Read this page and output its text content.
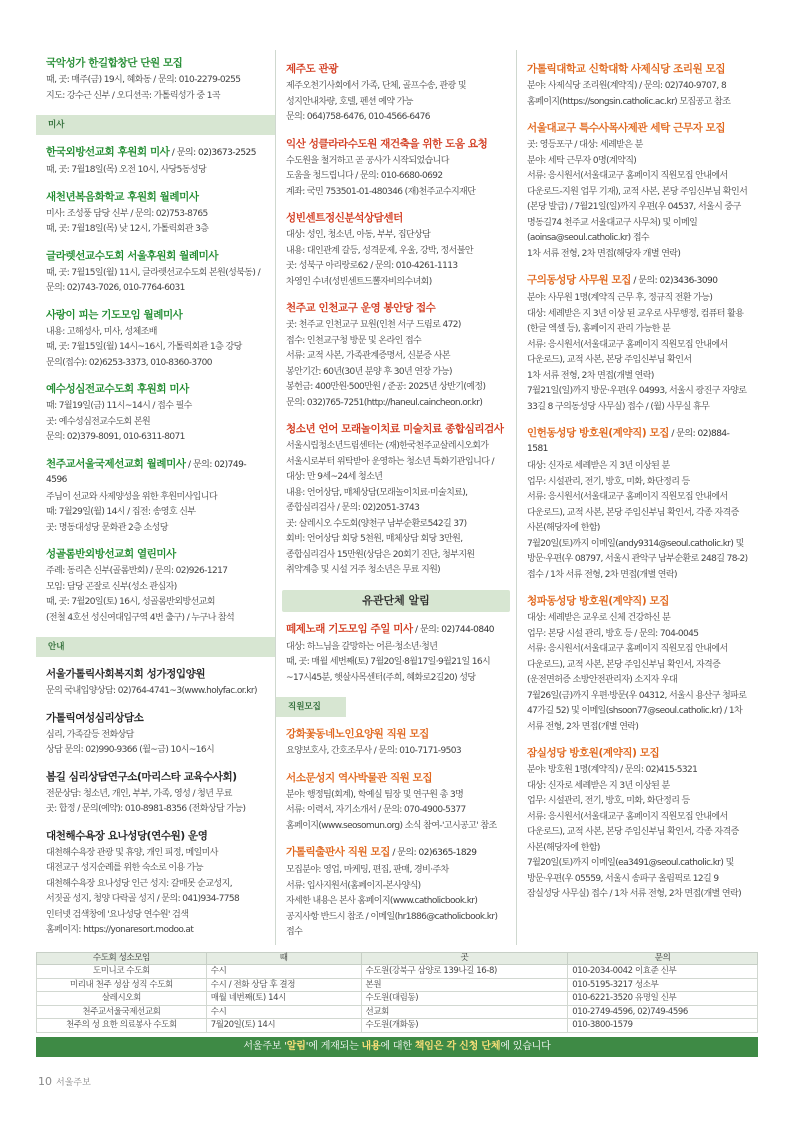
국악성가 한길합창단 단원 모집
때, 곳: 매주(금) 19시, 혜화동 / 문의: 010-2279-0255
지도: 강수근 신부 / 오디션곡: 가톨릭성가 중 1곡
미사
한국외방선교회 후원회 미사 / 문의: 02)3673-2525
때, 곳: 7월18일(목) 오전 10시, 사당5동성당
새천년복음화학교 후원회 월례미사
미사: 조성풍 담당 신부 / 문의: 02)753-8765
때, 곳: 7월18일(목) 낮 12시, 가톨릭회관 3층
글라렛선교수도회 서울후원회 월례미사
때, 곳: 7월15일(월) 11시, 글라렛선교수도회 본원(성북동) / 문의: 02)743-7026, 010-7764-6031
사랑이 피는 기도모임 월례미사
내용: 고해성사, 미사, 성체조배
때, 곳: 7월15일(월) 14시~16시, 가톨릭회관 1층 강당
문의(접수): 02)6253-3373, 010-8360-3700
예수성심전교수도회 후원회 미사
때: 7월19일(금) 11시~14시 / 접수 필수
곳: 예수성심전교수도회 본원
문의: 02)379-8091, 010-6311-8071
천주교서울국제선교회 월례미사 / 문의: 02)749-4596
주님이 선교와 사제양성을 위한 후원미사입니다
때: 7월29일(월) 14시 / 집전: 송영호 신부
곳: 명동대성당 문화관 2층 소성당
성골롬반외방선교회 열린미사
주례: 동리츤 신부(골롬반회) / 문의: 02)926-1217
모임: 담당 곤잘로 신부(성소 관심자)
때, 곳: 7월20일(토) 16시, 성골롬반외방선교회
(전철 4호선 성신여대입구역 4번 출구) / 누구나 참석
안내
서울가톨릭사회복지회 성가정입양원
문의 국내입양상담: 02)764-4741~3(www.holyfac.or.kr)
가톨릭여성심리상담소
심리, 가족갈등 전화상담
상담 문의: 02)990-9366 (월~금) 10시~16시
봄길 심리상담연구소(마리스타 교육수사회)
전문상담: 청소년, 개인, 부부, 가족, 영성 / 청년 무료
곳: 합정 / 문의(예약): 010-8981-8356 (전화상담 가능)
대천해수욕장 요나성당(연수원) 운영
대천해수욕장 관광 및 휴양, 개인 피정, 메일미사
대전교구 성지순례를 위한 숙소로 이용 가능
대천해수욕장 요나성당 인근 성지: 갈매못 순교성지,
서짓골 성지, 청양 다락골 성지 / 문의: 041)934-7758
인터넷 검색창에 '요나성당 연수원' 검색
홈페이지: https://yonaresort.modoo.at
제주도 관광
제주오천기사회에서 가족, 단체, 골프수송, 관광 및 성지안내차량, 호텔, 펜션 예약 가능
문의: 064)758-6476, 010-4566-6476
익산 성클라라수도원 재건축을 위한 도움 요청
수도원을 철거하고 곧 공사가 시작되었습니다
도움을 청드립니다 / 문의: 010-6680-0692
계좌: 국민 753501-01-480346 (재)천주교수지재단
성빈센트정신분석상담센터
대상: 성인, 청소년, 아동, 부부, 집단상담
내용: 대인관계 갈등, 성격문제, 우울, 강박, 정서불안
곳: 성북구 아리랑로62 / 문의: 010-4261-1113
차영인 수녀(성빈센트드뽈자비의수녀회)
천주교 인천교구 운영 봉안당 접수
곳: 천주교 인천교구 묘원(인천 서구 드림로 472)
접수: 인천교구청 방문 및 온라인 접수
서류: 교적 사본, 가족관계증명서, 신분증 사본
봉안기간: 60년(30년 분양 후 30년 연장 가능)
봉헌금: 400만원·500만원 / 준공: 2025년 상반기(예정)
문의: 032)765-7251(http://haneul.caincheon.or.kr)
청소년 언어 모래놀이치료 미술치료 종합심리검사
서울시립청소년드림센터는 (재)한국천주교살레시오회가 서울시로부터 위탁받아 운영하는 청소년 특화기관입니다 / 대상: 만 9세~24세 청소년
내용: 언어상담, 매체상담(모래놀이치료·미술치료), 종합심리검사 / 문의: 02)2051-3743
곳: 살레시오 수도회(양천구 남부순환로542길 37)
회비: 언어상담 회당 5천원, 매체상담 회당 3만원, 종합심리검사 15만원(상담은 20회기 진단, 청부지원 취약계층 및 시설 거주 청소년은 무료 지원)
유관단체 알림
떼제노래 기도모임 주일 미사 / 문의: 02)744-0840
대상: 하느님을 갈망하는 어른·청소년·청년
때, 곳: 매월 세번째(토) 7월20일·8월17일·9월21일 16시~17시45분, 햇살사목센터(주희, 혜화로2길20) 성당
직원모집
강화꽃동네노인요양원 직원 모집
요양보호사, 간호조무사 / 문의: 010-7171-9503
서소문성지 역사박물관 직원 모집
분야: 행정팀(회계), 학예실 팀장 및 연구원 총 3명
서류: 이력서, 자기소개서 / 문의: 070-4900-5377
홈페이지(www.seosomun.org) 소식 참여-'고시공고' 참조
가톨릭출판사 직원 모집 / 문의: 02)6365-1829
모집분야: 영업, 마케팅, 편집, 판매, 경비·주차
서류: 입사지원서(홈페이지-본사양식)
자세한 내용은 본사 홈페이지(www.catholicbook.kr) 공지사항 반드시 참조 / 이메일(hr1886@catholicbook.kr) 접수
가톨릭대학교 신학대학 사제식당 조리원 모집
분야: 사제식당 조리원(계약직) / 문의: 02)740-9707, 8
홈페이지(https://songsin.catholic.ac.kr) 모집공고 참조
서울대교구 특수사목사제관 세탁 근무자 모집
곳: 영등포구 / 대상: 세례받은 분
분야: 세탁 근무자 0명(계약직)
서류: 응시원서(서울대교구 홈페이지 직원모집 안내에서 다운로드-지원 업무 기재), 교적 사본, 본당 주임신부님 확인서(본당 발급) / 7월21일(일)까지 우편(우 04537, 서울시 중구 명동길74 천주교 서울대교구 사무처) 및 이메일(aoinsa@seoul.catholic.kr) 접수
1차 서류 전형, 2차 면접(해당자 개별 연락)
구의동성당 사무원 모집 / 문의: 02)3436-3090
분야: 사무원 1명(계약직 근무 후, 정규직 전환 가능)
대상: 세례받은 지 3년 이상 된 교우로 사무행정, 컴퓨터 활용(한글 엑셀 등), 홈페이지 관리 가능한 분
서류: 응시원서(서울대교구 홈페이지 직원모집 안내에서 다운로드), 교적 사본, 본당 주임신부님 확인서
1차 서류 전형, 2차 면접(개별 연락)
7월21일(일)까지 방문·우편(우 04993, 서울시 광진구 자양로 33길 8 구의동성당 사무실) 접수 / (월) 사무실 휴무
인헌동성당 방호원(계약직) 모집 / 문의: 02)884-1581
대상: 신자로 세례받은 지 3년 이상된 분
업무: 시설관리, 전기, 방호, 미화, 화단정리 등
서류: 응시원서(서울대교구 홈페이지 직원모집 안내에서 다운로드), 교적 사본, 본당 주임신부님 확인서, 각종 자격증 사본(해당자에 한함)
7월20일(토)까지 이메일(andy9314@seoul.catholic.kr) 및 방문·우편(우 08797, 서울시 관악구 남부순환로 248길 78-2) 접수 / 1차 서류 전형, 2차 면접(개별 연락)
청파동성당 방호원(계약직) 모집
대상: 세례받은 교우로 신체 건강하신 분
업무: 본당 시설 관리, 방호 등 / 문의: 704-0045
서류: 응시원서(서울대교구 홈페이지 직원모집 안내에서 다운로드), 교적 사본, 본당 주임신부님 확인서, 자격증(운전면허증 소방안전관리자) 소지자 우대
7월26일(금)까지 우편·방문(우 04312, 서울시 용산구 청파로 47가길 52) 및 이메일(shsoon77@seoul.catholic.kr) / 1차 서류 전형, 2차 면접(개별 연락)
잠실성당 방호원(계약직) 모집
분야: 방호원 1명(계약직) / 문의: 02)415-5321
대상: 신자로 세례받은 지 3년 이상된 분
업무: 시설관리, 전기, 방호, 미화, 화단정리 등
서류: 응시원서(서울대교구 홈페이지 직원모집 안내에서 다운로드), 교적 사본, 본당 주임신부님 확인서, 각종 자격증 사본(해당자에 한함)
7월20일(토)까지 이메일(ea3491@seoul.catholic.kr) 및 방문·우편(우 05559, 서울시 송파구 올림픽로 12길 9 잠실성당 사무실) 접수 / 1차 서류 전형, 2차 면접(개별 연락)
수도회 성소모임	때	곳	문의
도미니코 수도회	수시	수도원(강북구 삼양로 139나길 16-8)	010-2034-0042 이효준 신부
미리내 천주 성삼 성직 수도회	수시 / 전화 상담 후 결정	본원	010-5195-3217 성소부
살레시오회	매월 네번째(토) 14시	수도원(대림동)	010-6221-3520 유명일 신부
천주교서울국제선교회	수시	선교회	010-2749-4596, 02)749-4596
천주의 성 요한 의료봉사 수도회	7월20일(토) 14시	수도원(개화동)	010-3800-1579
서울주보 '알림'에 게재되는 내용에 대한 책임은 각 신청 단체에 있습니다
10 서울주보
